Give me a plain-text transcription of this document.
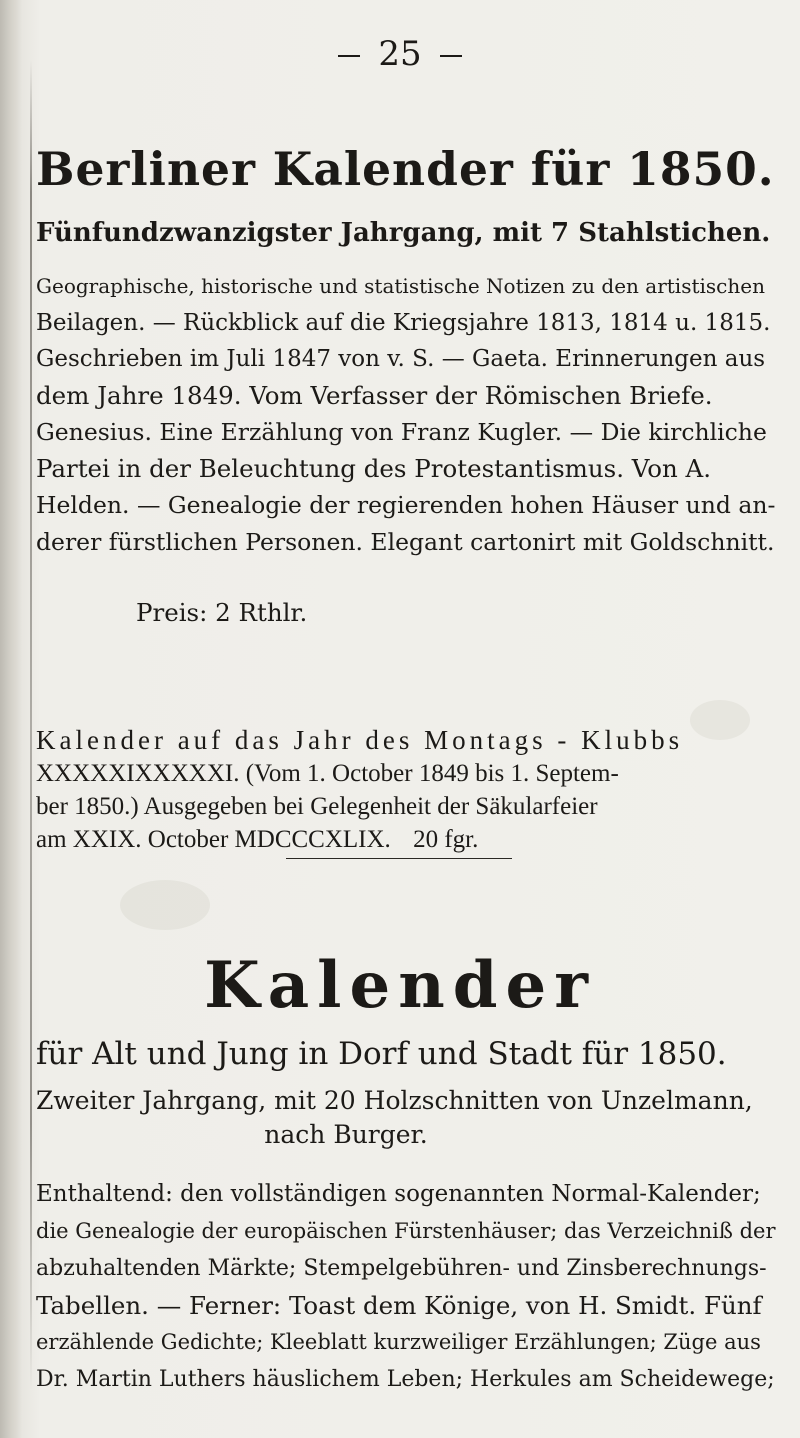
25
Berliner Kalender für 1850.
Fünfundzwanzigster Jahrgang, mit 7 Stahlstichen.
Geographische, historische und statistische Notizen zu den artistischen
Beilagen. — Rückblick auf die Kriegsjahre 1813, 1814 u. 1815.
Geschrieben im Juli 1847 von v. S. — Gaeta. Erinnerungen aus
dem Jahre 1849. Vom Verfasser der Römischen Briefe.
Genesius. Eine Erzählung von Franz Kugler. — Die kirchliche
Partei in der Beleuchtung des Protestantismus. Von A.
Helden. — Genealogie der regierenden hohen Häuser und an-
derer fürstlichen Personen. Elegant cartonirt mit Goldschnitt.
Preis: 2 Rthlr.
Kalender auf das Jahr des Montags - Klubbs
XXXXXIXXXXXI. (Vom 1. October 1849 bis 1. Septem-
ber 1850.) Ausgegeben bei Gelegenheit der Säkularfeier
am XXIX. October MDCCCXLIX. 20 fgr.
Kalender
für Alt und Jung in Dorf und Stadt für 1850.
Zweiter Jahrgang, mit 20 Holzschnitten von Unzelmann,
nach Burger.
Enthaltend: den vollständigen sogenannten Normal-Kalender;
die Genealogie der europäischen Fürstenhäuser; das Verzeichniß der
abzuhaltenden Märkte; Stempelgebühren- und Zinsberechnungs-
Tabellen. — Ferner: Toast dem Könige, von H. Smidt. Fünf
erzählende Gedichte; Kleeblatt kurzweiliger Erzählungen; Züge aus
Dr. Martin Luthers häuslichem Leben; Herkules am Scheidewege;
